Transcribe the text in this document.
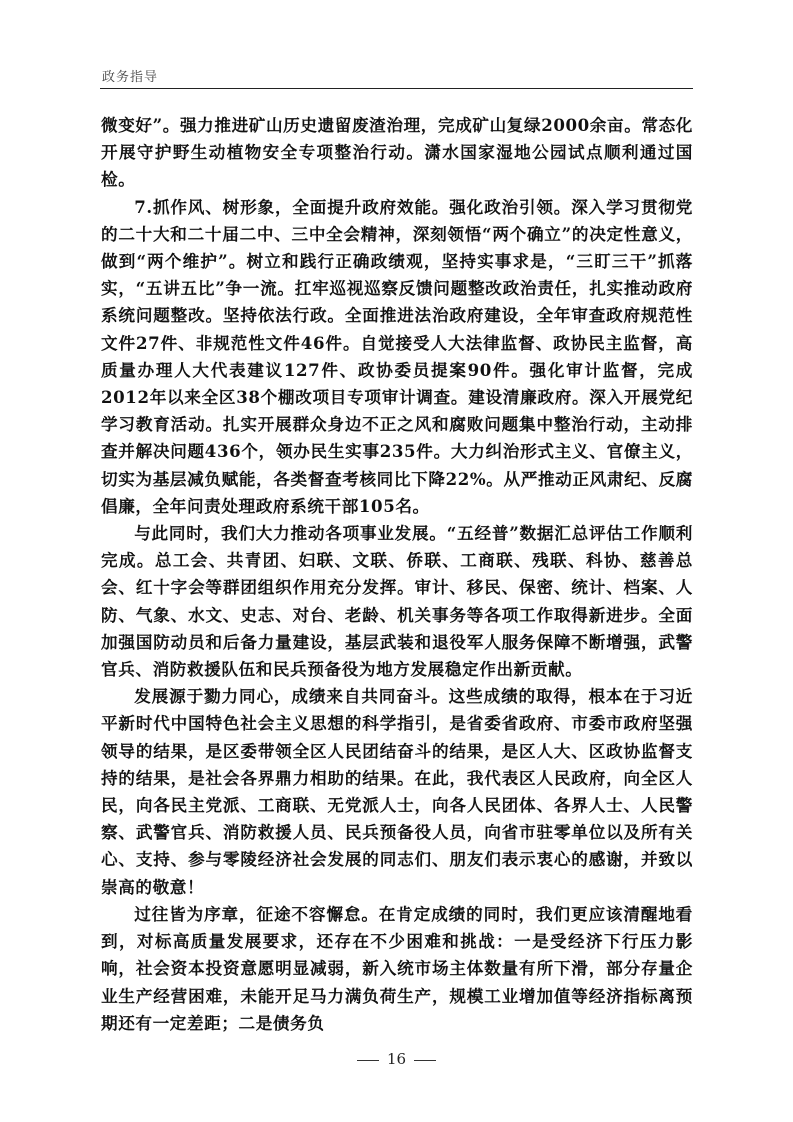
政务指导

微变好”。强力推进矿山历史遗留废渣治理，完成矿山复绿2000余亩。常态化开展守护野生动植物安全专项整治行动。潇水国家湿地公园试点顺利通过国检。

7.抓作风、树形象，全面提升政府效能。强化政治引领。深入学习贯彻党的二十大和二十届二中、三中全会精神，深刻领悟“两个确立”的决定性意义，做到“两个维护”。树立和践行正确政绩观，坚持实事求是，“三盯三干”抓落实，“五讲五比”争一流。扛牢巡视巡察反馈问题整改政治责任，扎实推动政府系统问题整改。坚持依法行政。全面推进法治政府建设，全年审查政府规范性文件27件、非规范性文件46件。自觉接受人大法律监督、政协民主监督，高质量办理人大代表建议127件、政协委员提案90件。强化审计监督，完成2012年以来全区38个棚改项目专项审计调查。建设清廉政府。深入开展党纪学习教育活动。扎实开展群众身边不正之风和腐败问题集中整治行动，主动排查并解决问题436个，领办民生实事235件。大力纠治形式主义、官僚主义，切实为基层减负赋能，各类督查考核同比下降22%。从严推动正风肃纪、反腐倡廉，全年问责处理政府系统干部105名。

与此同时，我们大力推动各项事业发展。“五经普”数据汇总评估工作顺利完成。总工会、共青团、妇联、文联、侨联、工商联、残联、科协、慈善总会、红十字会等群团组织作用充分发挥。审计、移民、保密、统计、档案、人防、气象、水文、史志、对台、老龄、机关事务等各项工作取得新进步。全面加强国防动员和后备力量建设，基层武装和退役军人服务保障不断增强，武警官兵、消防救援队伍和民兵预备役为地方发展稳定作出新贡献。

发展源于勠力同心，成绩来自共同奋斗。这些成绩的取得，根本在于习近平新时代中国特色社会主义思想的科学指引，是省委省政府、市委市政府坚强领导的结果，是区委带领全区人民团结奋斗的结果，是区人大、区政协监督支持的结果，是社会各界鼎力相助的结果。在此，我代表区人民政府，向全区人民，向各民主党派、工商联、无党派人士，向各人民团体、各界人士、人民警察、武警官兵、消防救援人员、民兵预备役人员，向省市驻零单位以及所有关心、支持、参与零陵经济社会发展的同志们、朋友们表示衷心的感谢，并致以崇高的敬意！

过往皆为序章，征途不容懈怠。在肯定成绩的同时，我们更应该清醒地看到，对标高质量发展要求，还存在不少困难和挑战：一是受经济下行压力影响，社会资本投资意愿明显减弱，新入统市场主体数量有所下滑，部分存量企业生产经营困难，未能开足马力满负荷生产，规模工业增加值等经济指标离预期还有一定差距；二是债务负

16
